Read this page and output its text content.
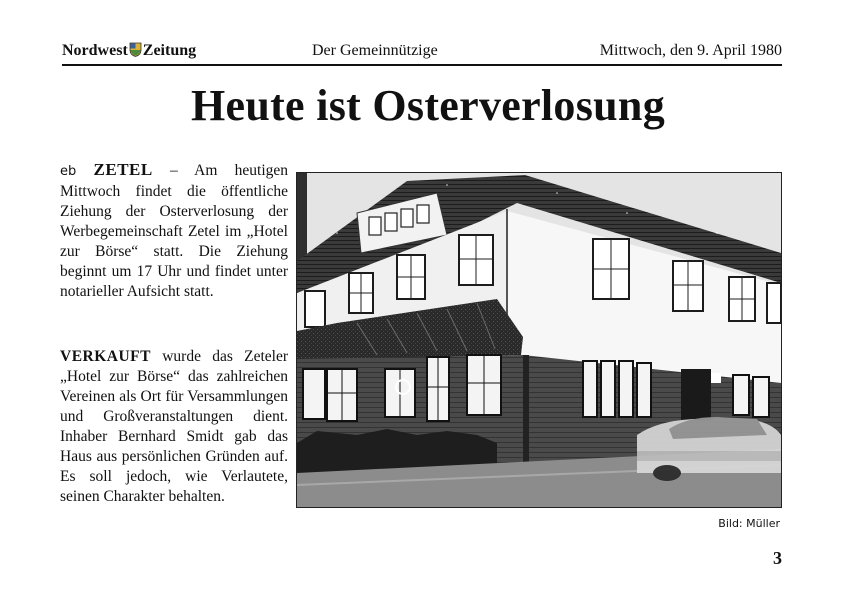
Nordwest Zeitung	Der Gemeinnützige	Mittwoch, den 9. April 1980
Heute ist Osterverlosung

eb ZETEL – Am heutigen Mittwoch findet die öffentliche Ziehung der Osterverlosung der Werbegemeinschaft Zetel im „Hotel zur Börse“ statt. Die Ziehung beginnt um 17 Uhr und findet unter notarieller Aufsicht statt.

VERKAUFT wurde das Zeteler „Hotel zur Börse“ das zahlreichen Vereinen als Ort für Versammlungen und Großveranstaltungen dient. Inhaber Bernhard Smidt gab das Haus aus persönlichen Gründen auf. Es soll jedoch, wie Verlautete, seinen Charakter behalten.

Bild: Müller
3
